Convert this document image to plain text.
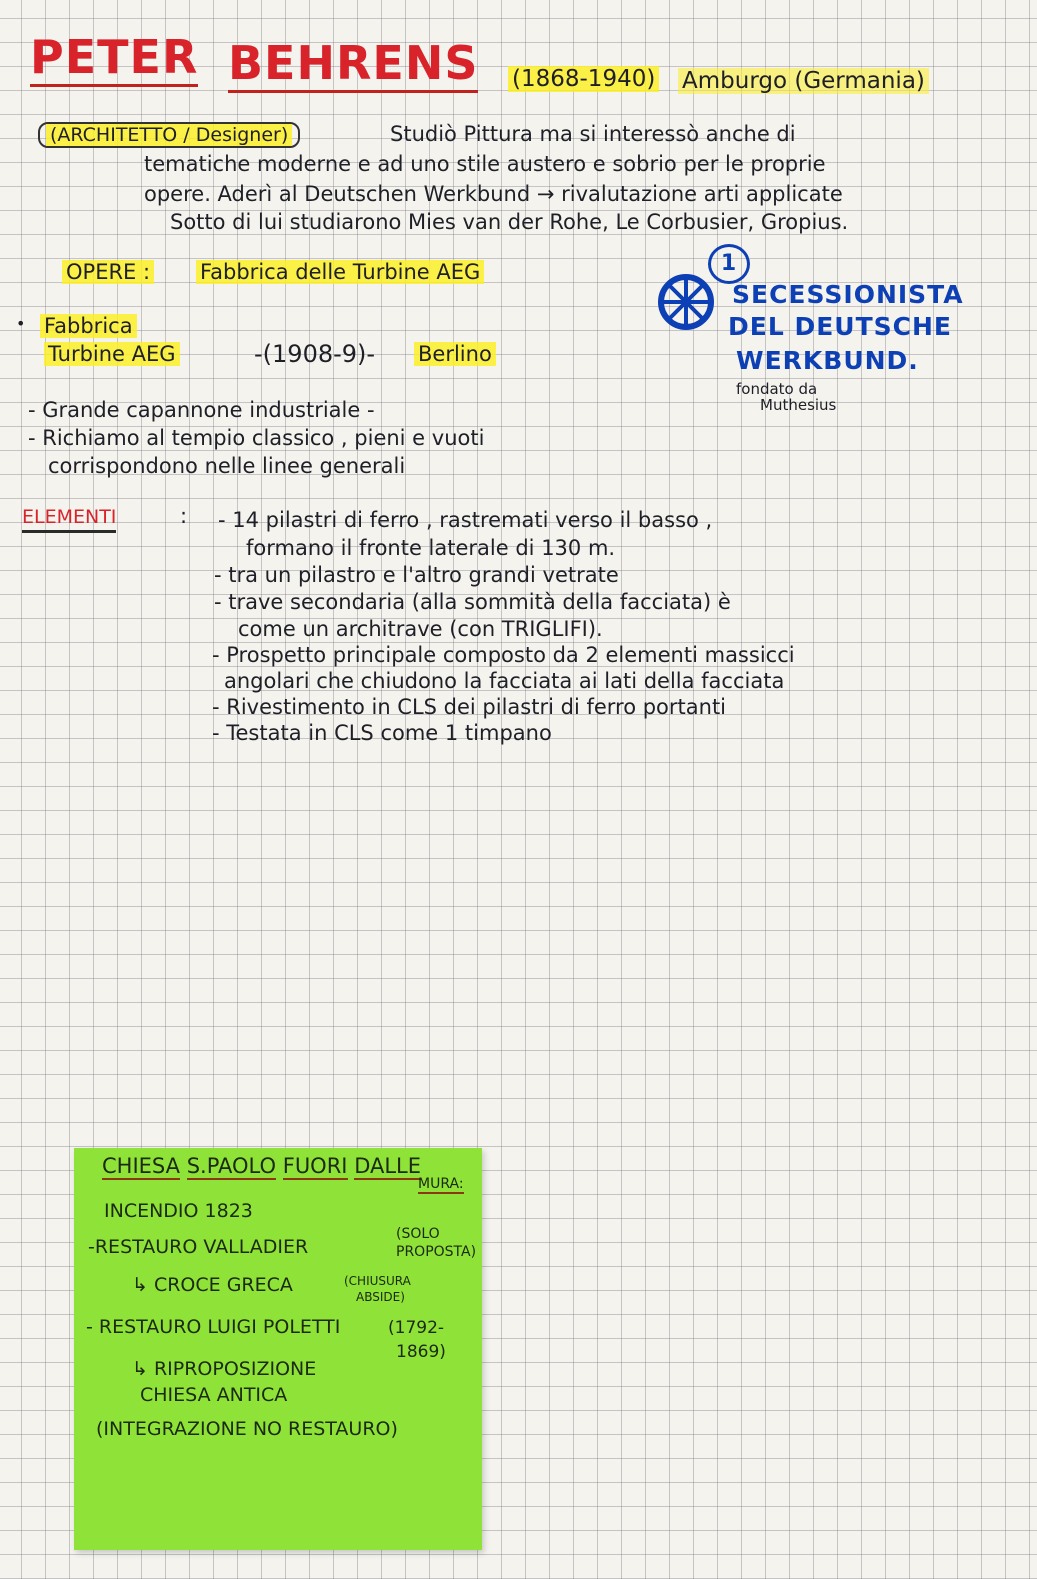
PETER BEHRENS (1868-1940) Amburgo (Germania)
(ARCHITETTO / Designer)	Studiò Pittura ma si interessò anche di
tematiche moderne e ad uno stile austero e sobrio per le proprie
opere. Aderì al Deutschen Werkbund → rivalutazione arti applicate
Sotto di lui studiarono Mies van der Rohe, Le Corbusier, Gropius.
OPERE : Fabbrica delle Turbine AEG	1
SECESSIONISTA
DEL DEUTSCHE
WERKBUND.
fondato da
Muthesius
• Fabbrica
Turbine AEG	-(1908-9)- Berlino
- Grande capannone industriale -
- Richiamo al tempio classico , pieni e vuoti
corrispondono nelle linee generali
ELEMENTI	: - 14 pilastri di ferro , rastremati verso il basso ,
formano il fronte laterale di 130 m.
- tra un pilastro e l'altro grandi vetrate
- trave secondaria (alla sommità della facciata) è
come un architrave (con TRIGLIFI).
- Prospetto principale composto da 2 elementi massicci
angolari che chiudono la facciata ai lati della facciata
- Rivestimento in CLS dei pilastri di ferro portanti
- Testata in CLS come 1 timpano
CHIESA S.PAOLO FUORI DALLE
MURA:
INCENDIO 1823
-RESTAURO VALLADIER
(SOLO
PROPOSTA)
↳ CROCE GRECA	(CHIUSURA
ABSIDE)
- RESTAURO LUIGI POLETTI	(1792-
1869)
↳ RIPROPOSIZIONE
CHIESA ANTICA
(INTEGRAZIONE NO RESTAURO)
